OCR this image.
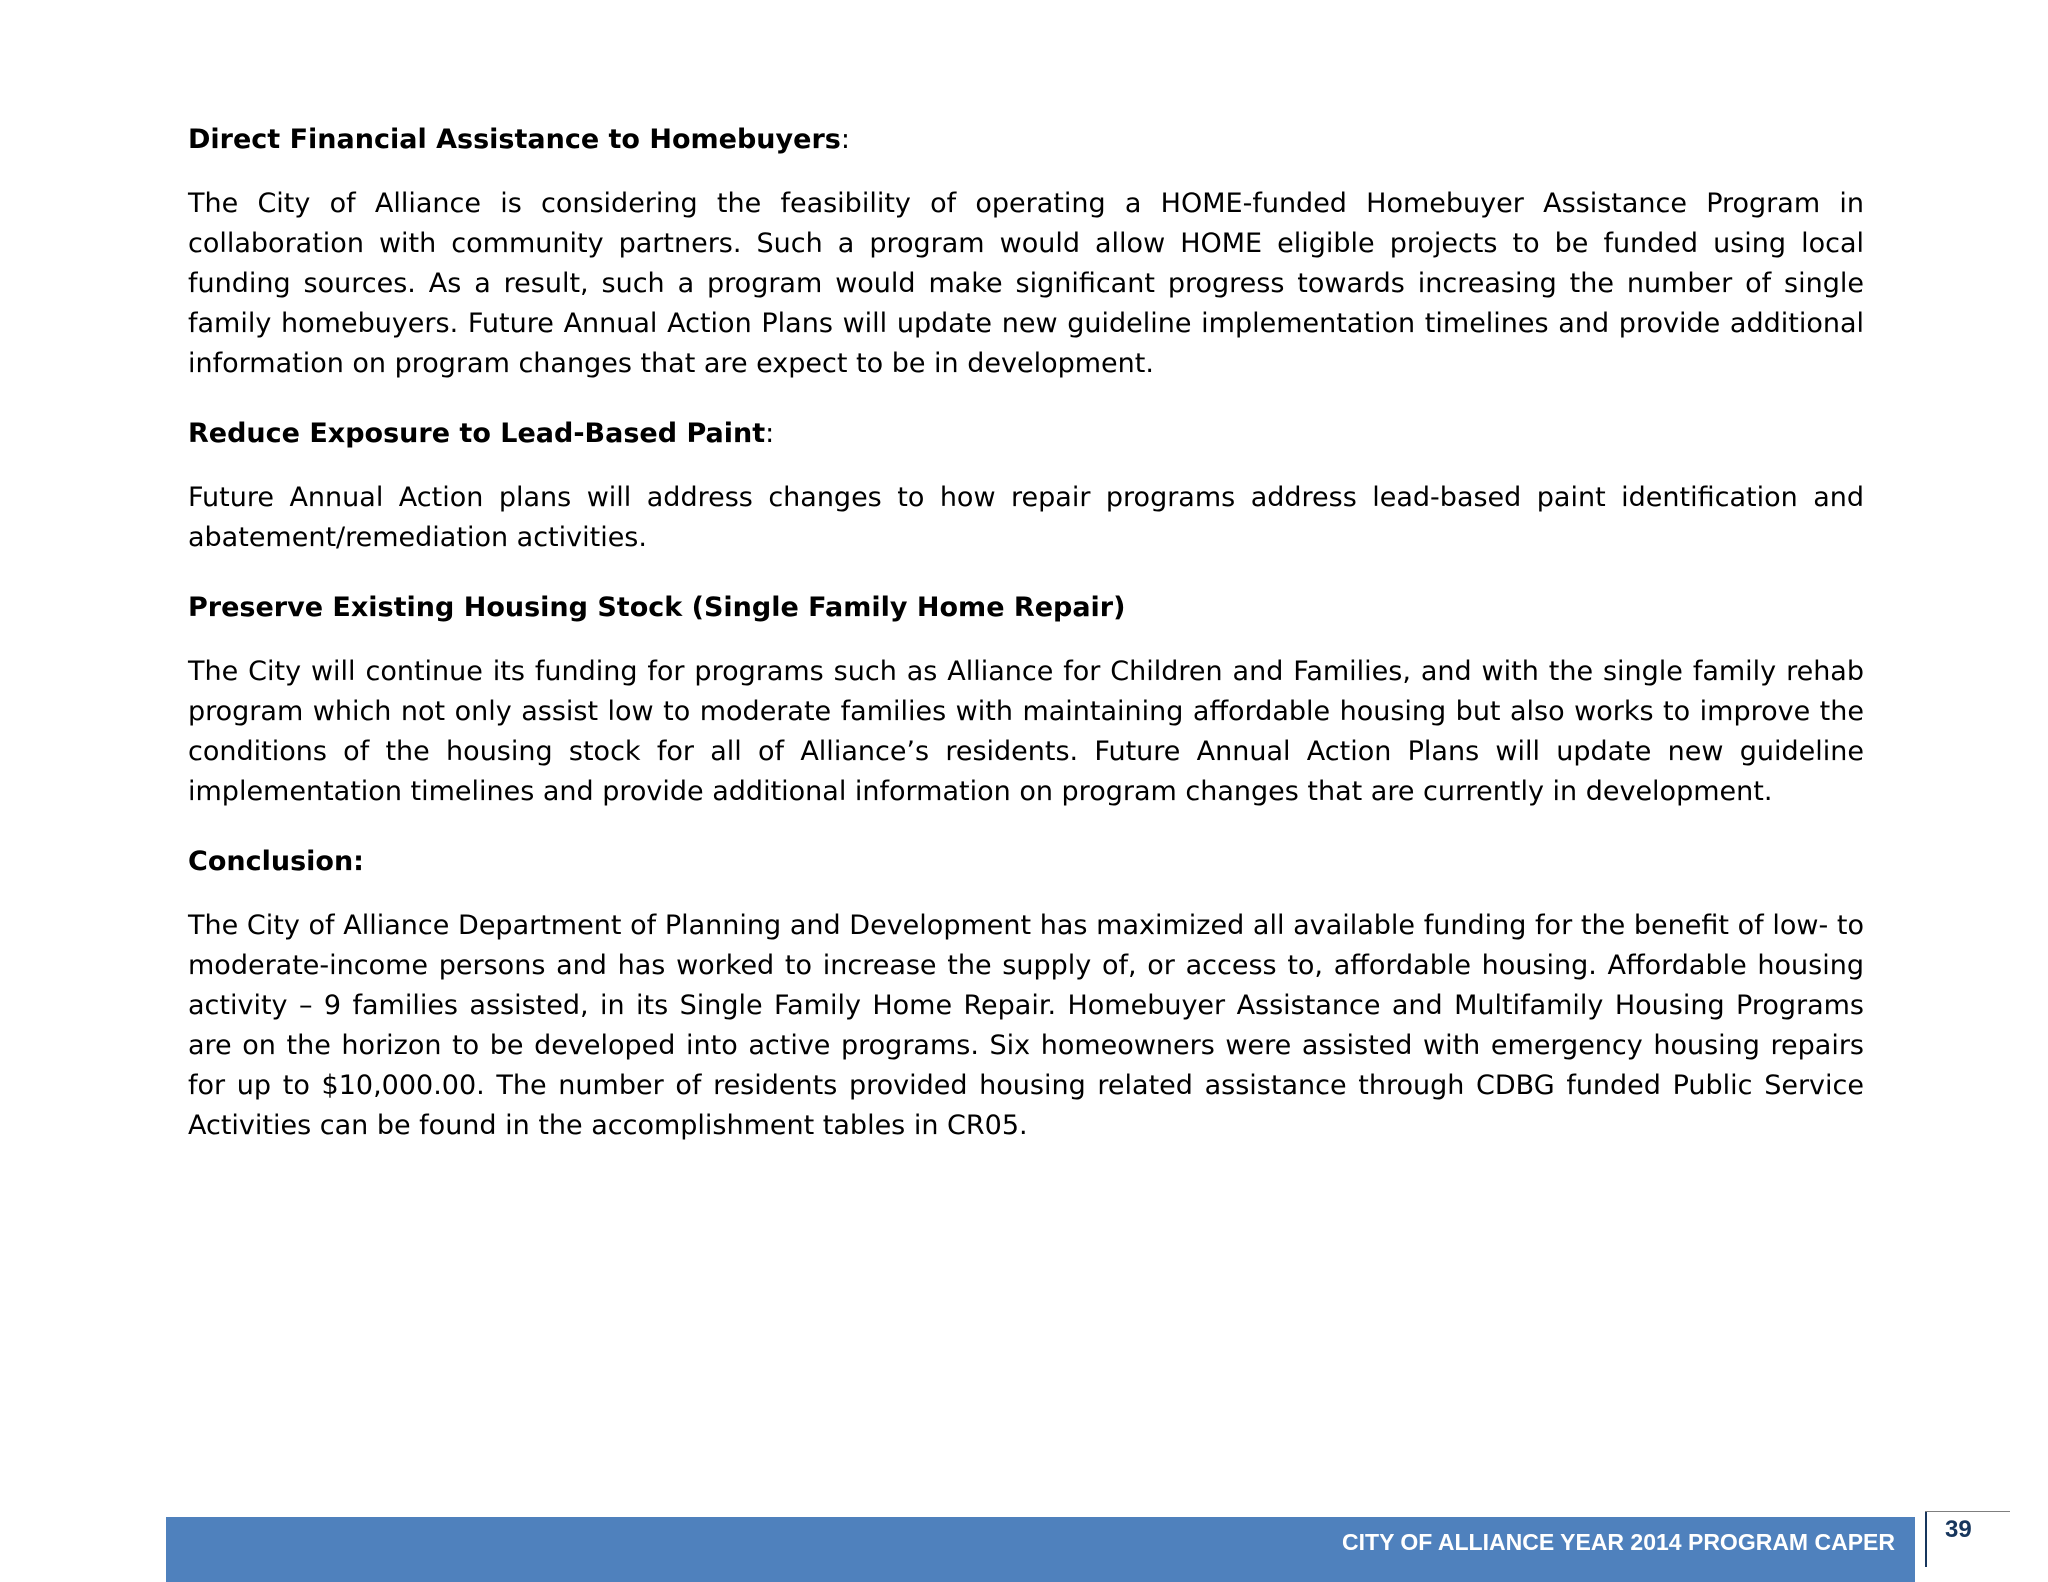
Direct Financial Assistance to Homebuyers:

The City of Alliance is considering the feasibility of operating a HOME-funded Homebuyer Assistance Program in collaboration with community partners. Such a program would allow HOME eligible projects to be funded using local funding sources. As a result, such a program would make significant progress towards increasing the number of single family homebuyers. Future Annual Action Plans will update new guideline implementation timelines and provide additional information on program changes that are expect to be in development.

Reduce Exposure to Lead-Based Paint:

Future Annual Action plans will address changes to how repair programs address lead-based paint identification and abatement/remediation activities.

Preserve Existing Housing Stock (Single Family Home Repair)

The City will continue its funding for programs such as Alliance for Children and Families, and with the single family rehab program which not only assist low to moderate families with maintaining affordable housing but also works to improve the conditions of the housing stock for all of Alliance’s residents. Future Annual Action Plans will update new guideline implementation timelines and provide additional information on program changes that are currently in development.

Conclusion:

The City of Alliance Department of Planning and Development has maximized all available funding for the benefit of low- to moderate-income persons and has worked to increase the supply of, or access to, affordable housing. Affordable housing activity – 9 families assisted, in its Single Family Home Repair. Homebuyer Assistance and Multifamily Housing Programs are on the horizon to be developed into active programs. Six homeowners were assisted with emergency housing repairs for up to $10,000.00. The number of residents provided housing related assistance through CDBG funded Public Service Activities can be found in the accomplishment tables in CR05.

CITY OF ALLIANCE YEAR 2014 PROGRAM CAPER 39
